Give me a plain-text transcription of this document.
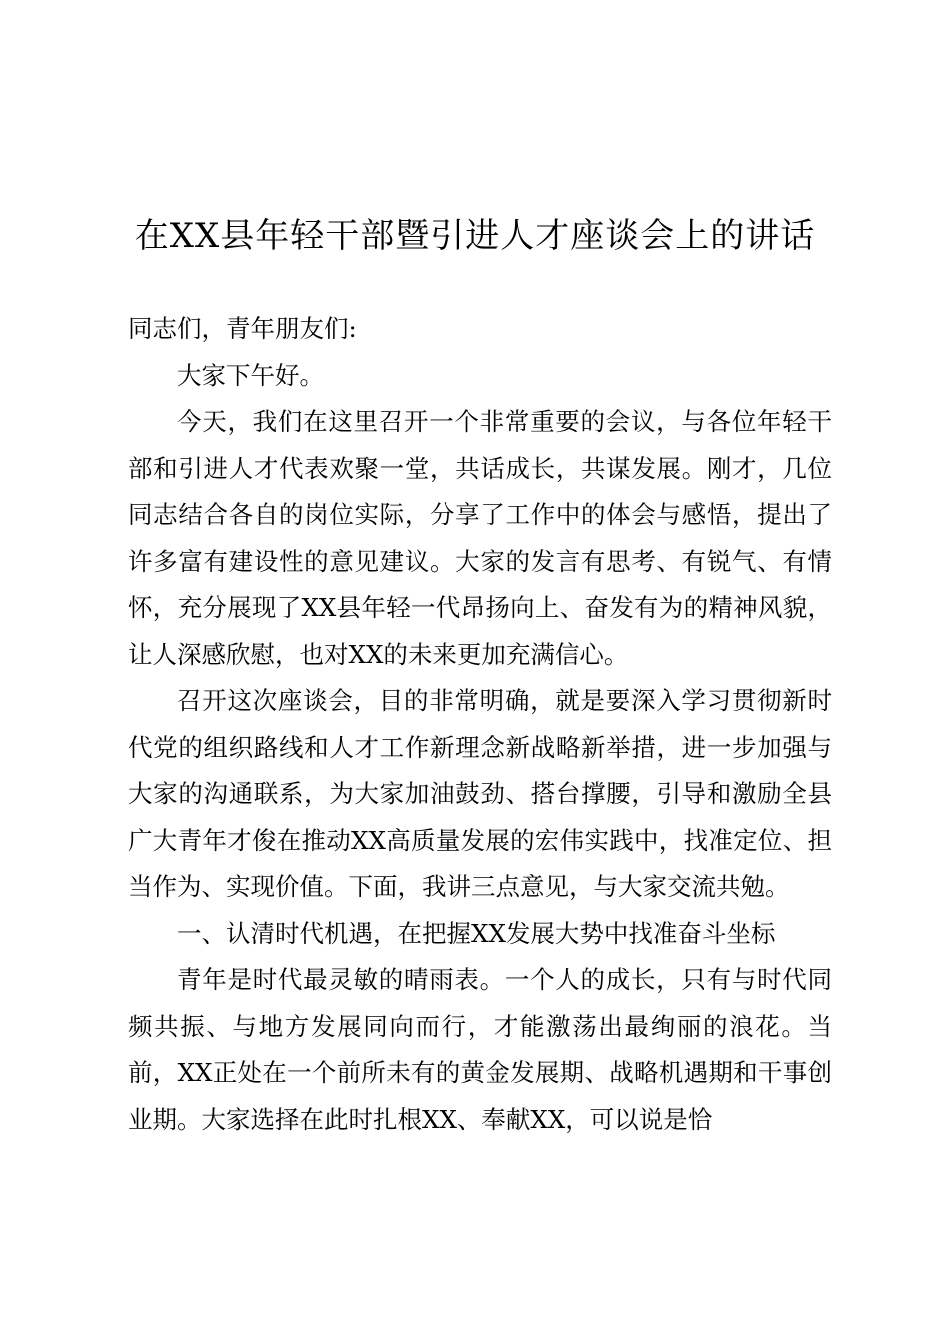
在XX县年轻干部暨引进人才座谈会上的讲话

同志们，青年朋友们:

大家下午好。

今天，我们在这里召开一个非常重要的会议，与各位年轻干部和引进人才代表欢聚一堂，共话成长，共谋发展。刚才，几位同志结合各自的岗位实际，分享了工作中的体会与感悟，提出了许多富有建设性的意见建议。大家的发言有思考、有锐气、有情怀，充分展现了XX县年轻一代昂扬向上、奋发有为的精神风貌，让人深感欣慰，也对XX的未来更加充满信心。

召开这次座谈会，目的非常明确，就是要深入学习贯彻新时代党的组织路线和人才工作新理念新战略新举措，进一步加强与大家的沟通联系，为大家加油鼓劲、搭台撑腰，引导和激励全县广大青年才俊在推动XX高质量发展的宏伟实践中，找准定位、担当作为、实现价值。下面，我讲三点意见，与大家交流共勉。

一、认清时代机遇，在把握XX发展大势中找准奋斗坐标

青年是时代最灵敏的晴雨表。一个人的成长，只有与时代同频共振、与地方发展同向而行，才能激荡出最绚丽的浪花。当前，XX正处在一个前所未有的黄金发展期、战略机遇期和干事创业期。大家选择在此时扎根XX、奉献XX，可以说是恰
